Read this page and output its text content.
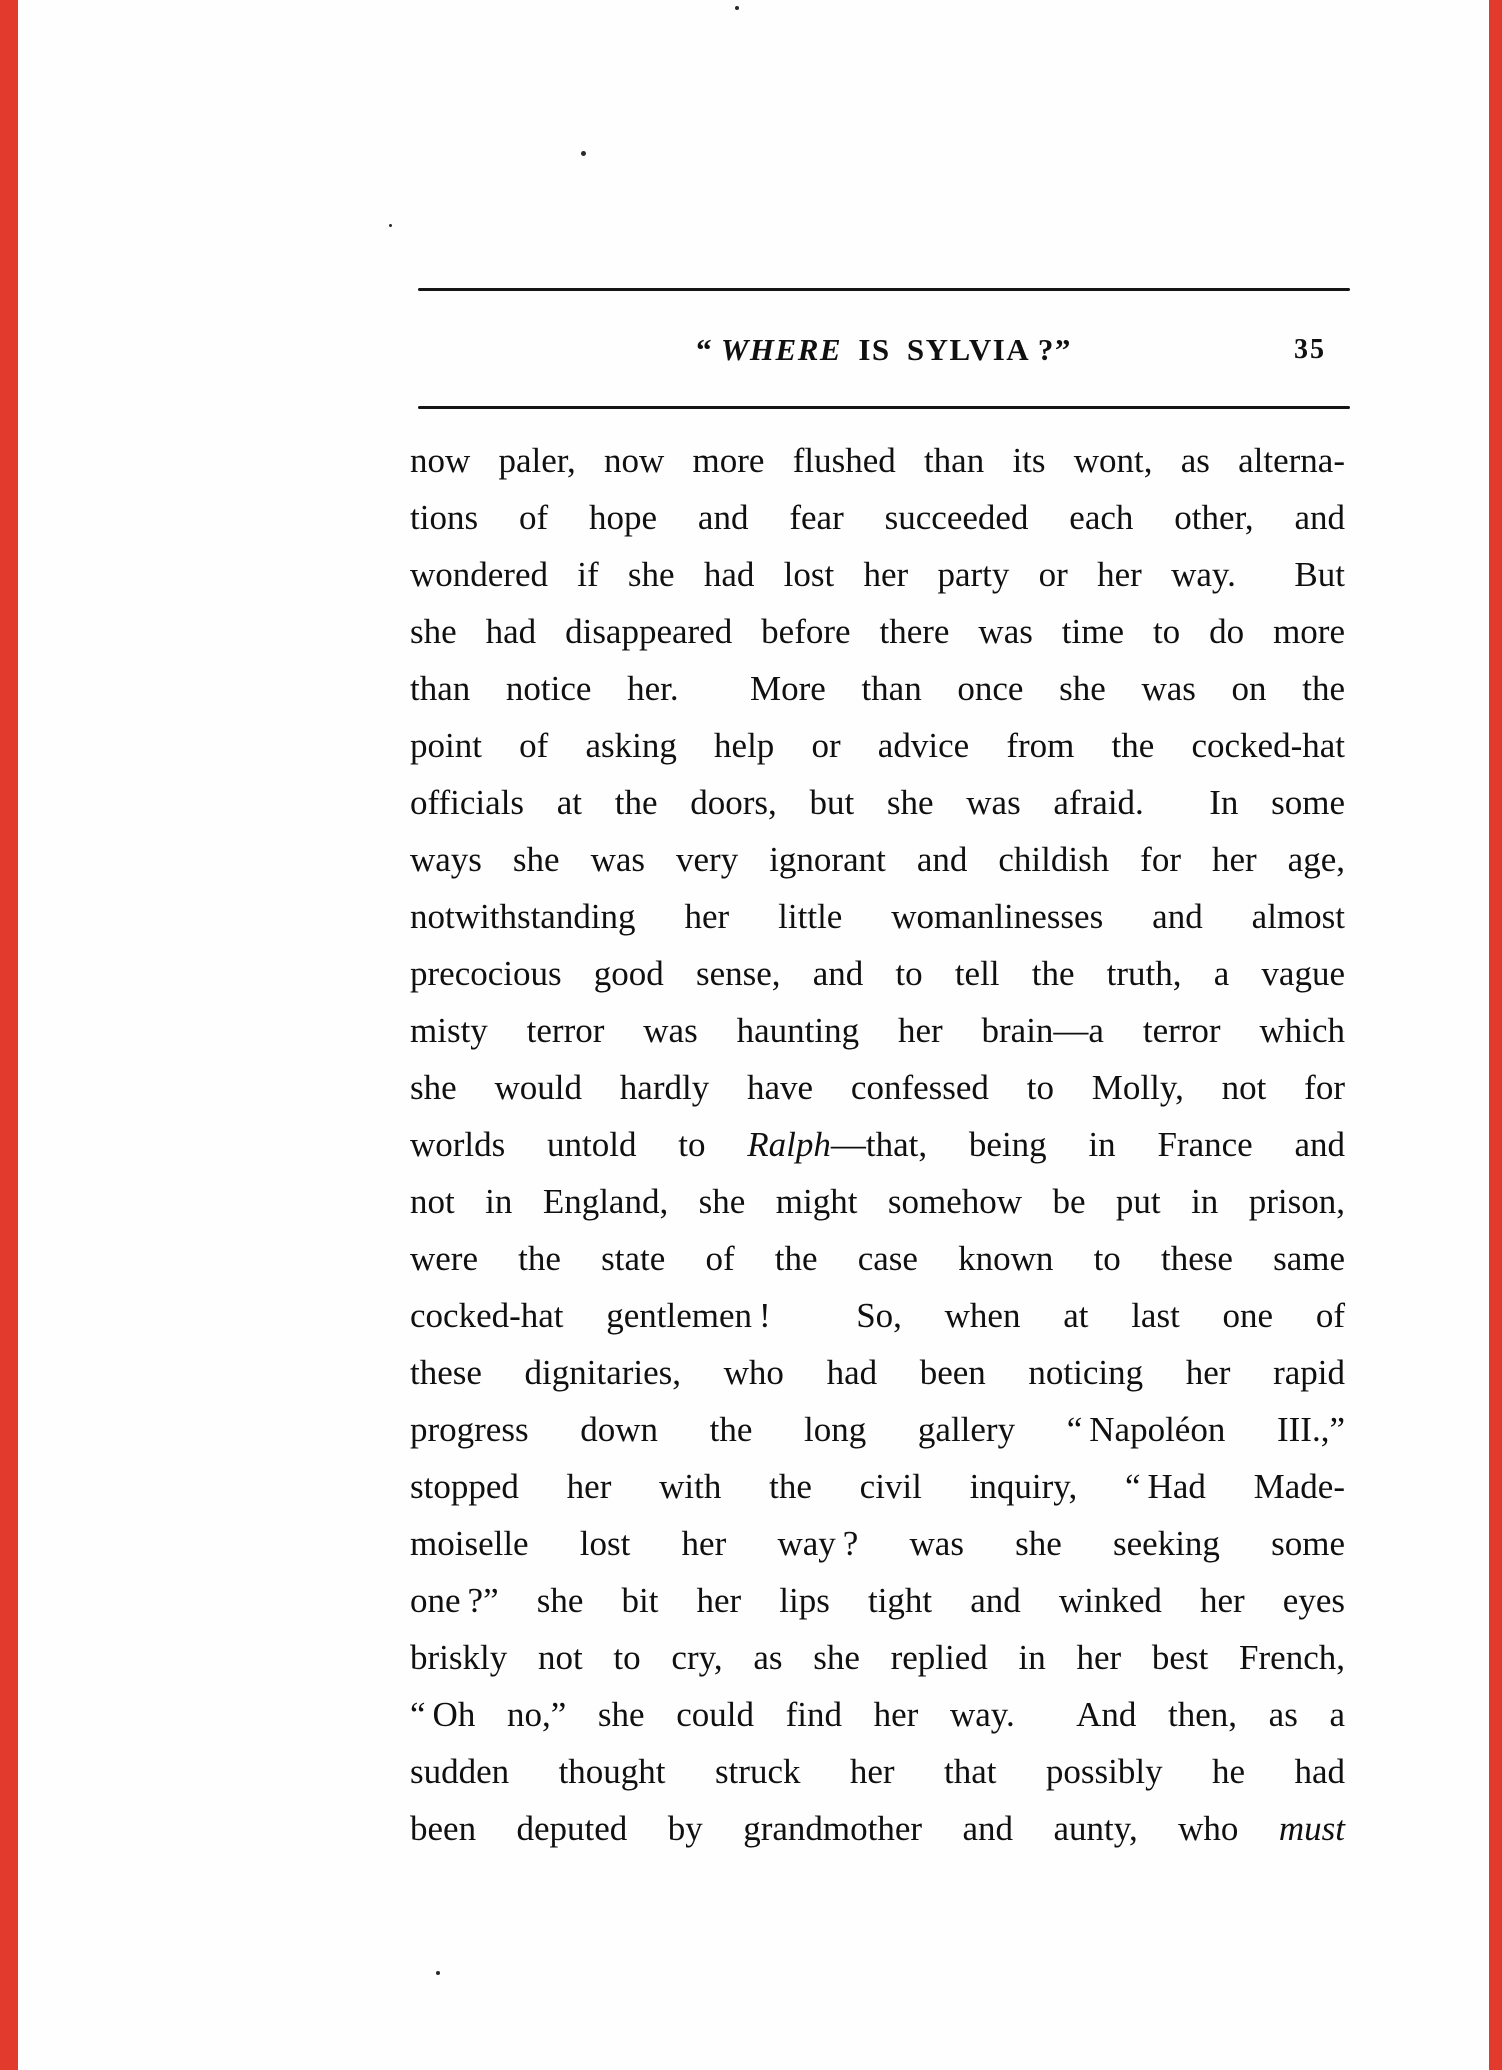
“ WHERE IS SYLVIA ?”	35
now paler, now more flushed than its wont, as alterna-
tions of hope and fear succeeded each other, and
wondered if she had lost her party or her way.  But
she had disappeared before there was time to do more
than notice her.  More than once she was on the
point of asking help or advice from the cocked-hat
officials at the doors, but she was afraid.  In some
ways she was very ignorant and childish for her age,
notwithstanding her little womanlinesses and almost
precocious good sense, and to tell the truth, a vague
misty terror was haunting her brain—a terror which
she would hardly have confessed to Molly, not for
worlds untold to Ralph—that, being in France and
not in England, she might somehow be put in prison,
were the state of the case known to these same
cocked-hat gentlemen !  So, when at last one of
these dignitaries, who had been noticing her rapid
progress down the long gallery “ Napoléon III.,”
stopped her with the civil inquiry, “ Had Made-
moiselle lost her way ? was she seeking some
one ?” she bit her lips tight and winked her eyes
briskly not to cry, as she replied in her best French,
“ Oh no,” she could find her way.  And then, as a
sudden thought struck her that possibly he had
been deputed by grandmother and aunty, who must
